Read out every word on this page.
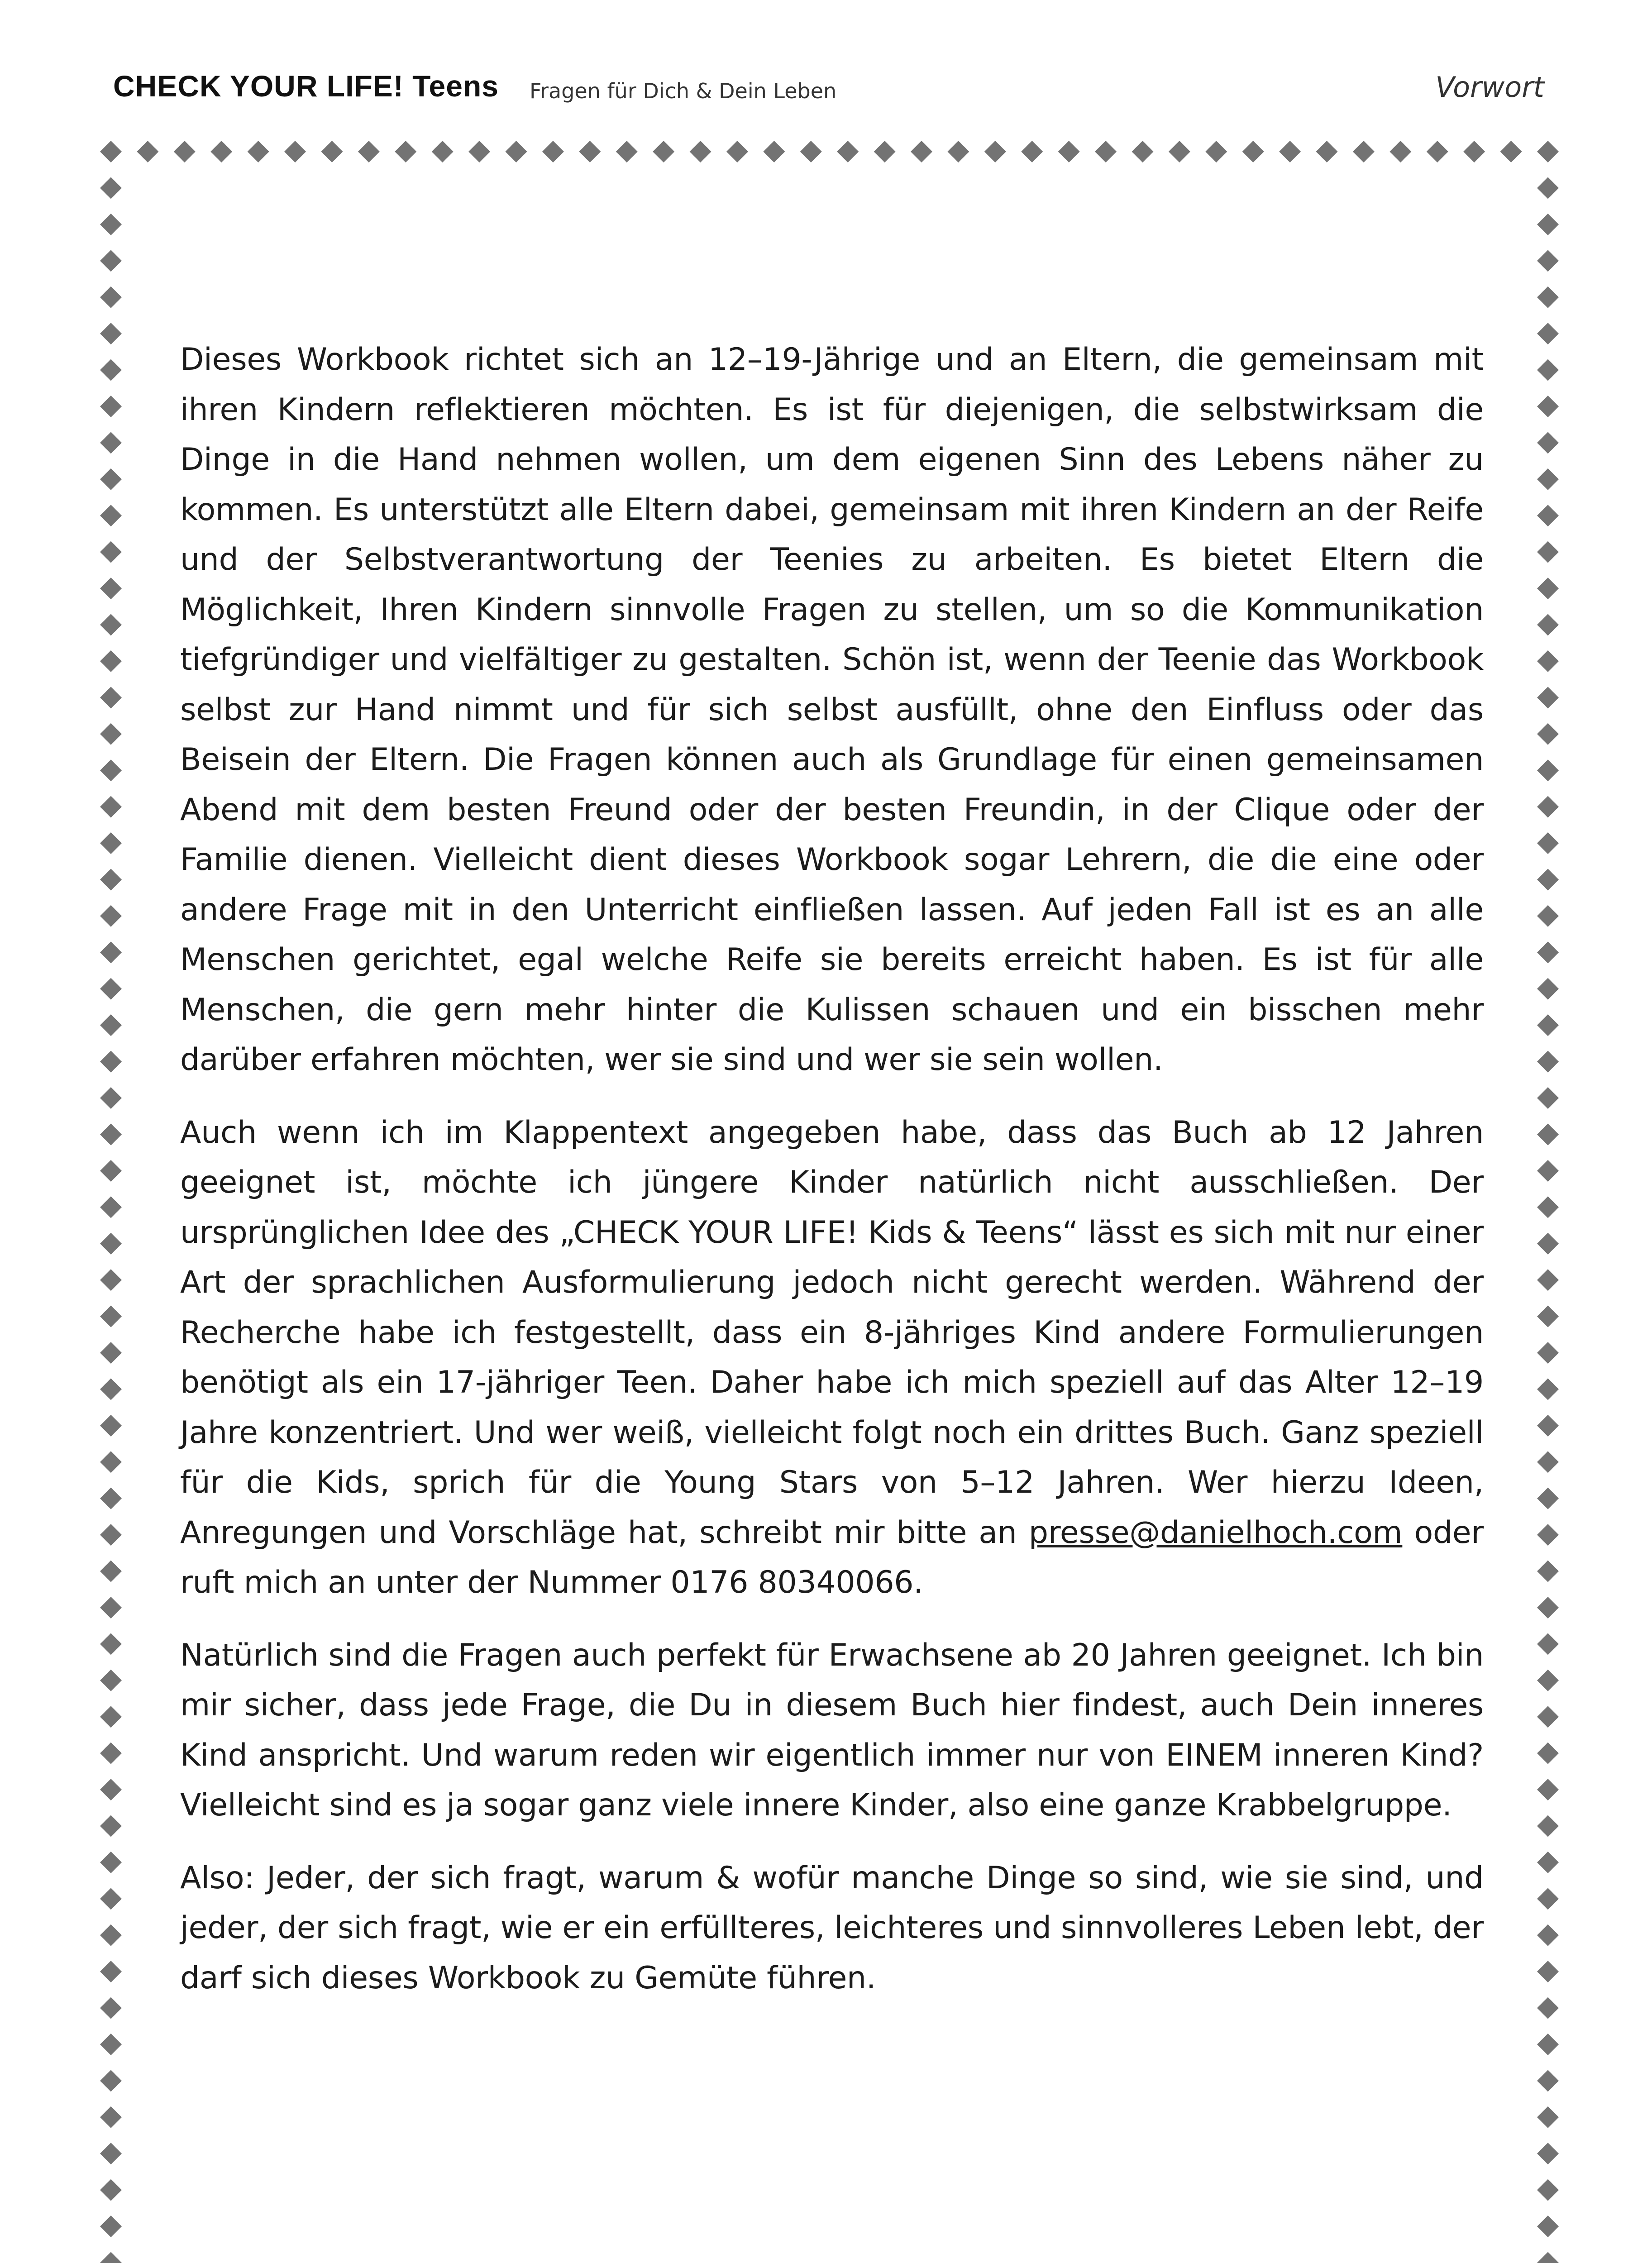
CHECK YOUR LIFE! Teens Fragen für Dich & Dein Leben	Vorwort

Dieses Workbook richtet sich an 12–19-Jährige und an Eltern, die gemeinsam mit ihren Kindern reflektieren möchten. Es ist für diejenigen, die selbstwirksam die Dinge in die Hand nehmen wollen, um dem eigenen Sinn des Lebens näher zu kommen. Es unterstützt alle Eltern dabei, gemeinsam mit ihren Kindern an der Reife und der Selbstverantwortung der Teenies zu arbeiten. Es bietet Eltern die Möglichkeit, Ihren Kindern sinnvolle Fragen zu stellen, um so die Kommunikation tiefgründiger und vielfältiger zu gestalten. Schön ist, wenn der Teenie das Workbook selbst zur Hand nimmt und für sich selbst ausfüllt, ohne den Einfluss oder das Beisein der Eltern. Die Fragen können auch als Grundlage für einen gemeinsamen Abend mit dem besten Freund oder der besten Freundin, in der Clique oder der Familie dienen. Vielleicht dient dieses Workbook sogar Lehrern, die die eine oder andere Frage mit in den Unterricht einfließen lassen. Auf jeden Fall ist es an alle Menschen gerichtet, egal welche Reife sie bereits erreicht haben. Es ist für alle Menschen, die gern mehr hinter die Kulissen schauen und ein bisschen mehr darüber erfahren möchten, wer sie sind und wer sie sein wollen.

Auch wenn ich im Klappentext angegeben habe, dass das Buch ab 12 Jahren geeignet ist, möchte ich jüngere Kinder natürlich nicht ausschließen. Der ursprünglichen Idee des „CHECK YOUR LIFE! Kids & Teens“ lässt es sich mit nur einer Art der sprachlichen Ausformulierung jedoch nicht gerecht werden. Während der Recherche habe ich festgestellt, dass ein 8-jähriges Kind andere Formulierungen benötigt als ein 17-jähriger Teen. Daher habe ich mich speziell auf das Alter 12–19 Jahre konzentriert. Und wer weiß, vielleicht folgt noch ein drittes Buch. Ganz speziell für die Kids, sprich für die Young Stars von 5–12 Jahren. Wer hierzu Ideen, Anregungen und Vorschläge hat, schreibt mir bitte an presse@danielhoch.com oder ruft mich an unter der Nummer 0176 80340066.

Natürlich sind die Fragen auch perfekt für Erwachsene ab 20 Jahren geeignet. Ich bin mir sicher, dass jede Frage, die Du in diesem Buch hier findest, auch Dein inneres Kind anspricht. Und warum reden wir eigentlich immer nur von EINEM inneren Kind? Vielleicht sind es ja sogar ganz viele innere Kinder, also eine ganze Krabbelgruppe.

Also: Jeder, der sich fragt, warum & wofür manche Dinge so sind, wie sie sind, und jeder, der sich fragt, wie er ein erfüllteres, leichteres und sinnvolleres Leben lebt, der darf sich dieses Workbook zu Gemüte führen.
